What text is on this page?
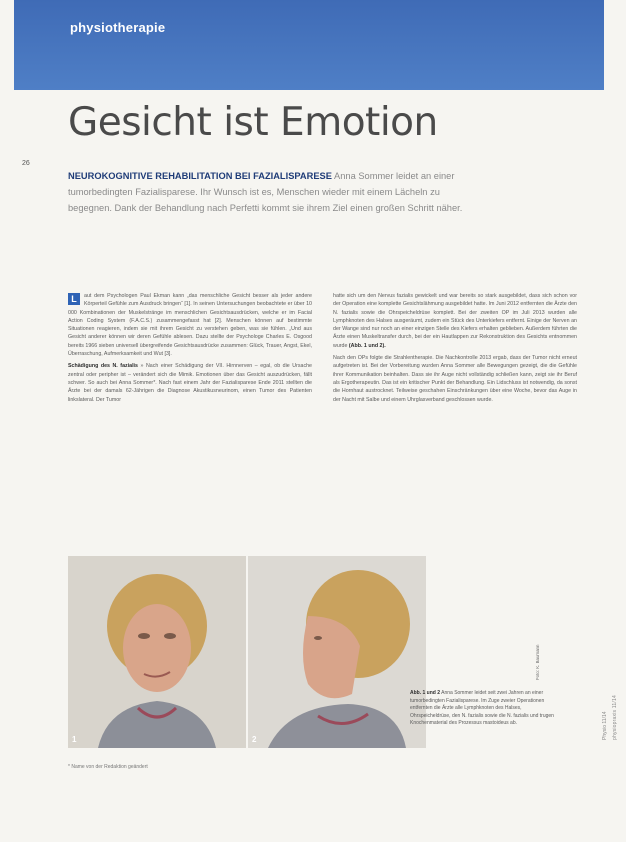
physiotherapie
26
Gesicht ist Emotion
NEUROKOGNITIVE REHABILITATION BEI FAZIALISPARESE Anna Sommer leidet an einer tumorbedingten Fazialisparese. Ihr Wunsch ist es, Menschen wieder mit einem Lächeln zu begegnen. Dank der Behandlung nach Perfetti kommt sie ihrem Ziel einen großen Schritt näher.

L	aut dem Psychologen Paul Ekman kann „das menschliche Gesicht besser als jeder andere Körperteil Gefühle zum Ausdruck bringen“ [1]. In seinen Untersuchungen beobachtete er über 10 000 Kombinationen der Muskelstränge im menschlichen Gesichtsausdrücken, welche er im Facial Action Coding System (F.A.C.S.) zusammengefasst hat [2]. Menschen können auf bestimmte Situationen reagieren, indem sie mit ihrem Gesicht zu verstehen geben, was sie fühlen. „Und aus Gesicht anderer können wir deren Gefühle ablesen. Dazu stellte der Psychologe Charles E. Osgood bereits 1966 sieben universell übergreifende Gesichtsausdrücke zusammen: Glück, Trauer, Angst, Ekel, Überraschung, Aufmerksamkeit und Wut [3].

Schädigung des N. fazialis » Nach einer Schädigung der VII. Hirnnerven – egal, ob die Ursache zentral oder peripher ist – verändert sich die Mimik. Emotionen über das Gesicht auszudrücken, fällt schwer. So auch bei Anna Sommer*. Nach fast einem Jahr der Fazialisparese Ende 2011 stellten die Ärzte bei der damals 62-Jährigen die Diagnose Akustikusneurinom, einen Tumor des Patienten linkslateral. Der Tumor

hatte sich um den Nervus fazialis gewickelt und war bereits so stark ausgebildet, dass sich schon vor der Operation eine komplette Gesichtslähmung ausgebildet hatte. Im Juni 2012 entfernten die Ärzte den N. fazialis sowie die Ohrspeicheldrüse komplett. Bei der zweiten OP im Juli 2013 wurden alle Lymphknoten des Halses ausgeräumt, zudem ein Stück des Unterkiefers entfernt. Einige der Nerven an der Wange sind nur noch an einer einzigen Stelle des Kiefers erhalten geblieben. Außerdem führten die Ärzte einen Muskeltransfer durch, bei der ein Hautlappen zur Rekonstruktion des Gesichts entnommen wurde (Abb. 1 und 2).

Nach den OPs folgte die Strahlentherapie. Die Nachkontrolle 2013 ergab, dass der Tumor nicht erneut aufgetreten ist. Bei der Vorbereitung wurden Anna Sommer alle Bewegungen gezeigt, die die Gefühle ihrer Kommunikation beinhalten. Dass sie ihr Auge nicht vollständig schließen kann, zeigt sie ihr Beruf als Ergotherapeutin. Das ist ein kritischer Punkt der Behandlung. Ein Lidschluss ist notwendig, da sonst die Hornhaut austrocknet. Teilweise geschahen Einschränkungen über eine Woche, bevor das Auge in der Nacht mit Salbe und einem Uhrglasverband geschlossen wurde.

1	2
Abb. 1 und 2 Anna Sommer leidet seit zwei Jahren an einer tumorbedingten Fazialisparese. Im Zuge zweier Operationen entfernten die Ärzte alle Lymphknoten des Halses, Ohrspeicheldrüse, den N. fazialis sowie die N. fazialis und trugen Knochenmaterial des Prozessus mastoideus ab.
Foto: K. Baumann
* Name von der Redaktion geändert
physiopraxis 11/14
Physio 11/14
